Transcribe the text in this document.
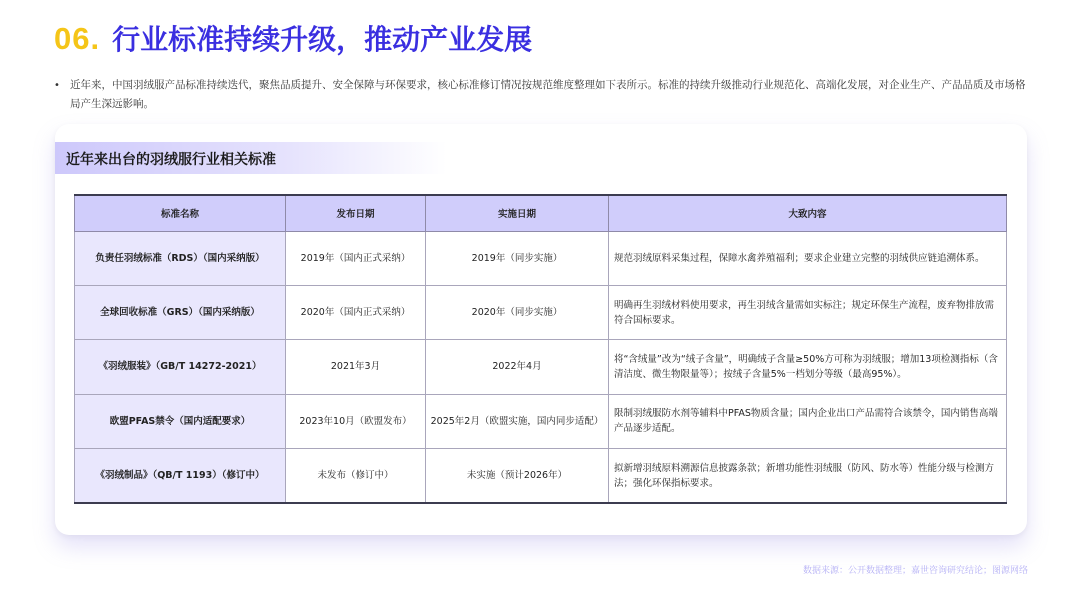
06. 行业标准持续升级，推动产业发展
• 近年来，中国羽绒服产品标准持续迭代，聚焦品质提升、安全保障与环保要求，核心标准修订情况按规范维度整理如下表所示。标准的持续升级推动行业规范化、高端化发展，对企业生产、产品品质及市场格局产生深远影响。
近年来出台的羽绒服行业相关标准
标准名称	发布日期	实施日期	大致内容
负责任羽绒标准（RDS）（国内采纳版）	2019年（国内正式采纳）	2019年（同步实施）	规范羽绒原料采集过程，保障水禽养殖福利；要求企业建立完整的羽绒供应链追溯体系。
全球回收标准（GRS）（国内采纳版）	2020年（国内正式采纳）	2020年（同步实施）	明确再生羽绒材料使用要求，再生羽绒含量需如实标注；规定环保生产流程，废弃物排放需符合国标要求。
《羽绒服装》（GB/T 14272-2021）	2021年3月	2022年4月	将“含绒量”改为“绒子含量”，明确绒子含量≥50%方可称为羽绒服；增加13项检测指标（含清洁度、微生物限量等）；按绒子含量5%一档划分等级（最高95%）。
欧盟PFAS禁令（国内适配要求）	2023年10月（欧盟发布）	2025年2月（欧盟实施，国内同步适配）	限制羽绒服防水剂等辅料中PFAS物质含量；国内企业出口产品需符合该禁令，国内销售高端产品逐步适配。
《羽绒制品》（QB/T 1193）（修订中）	未发布（修订中）	未实施（预计2026年）	拟新增羽绒原料溯源信息披露条款；新增功能性羽绒服（防风、防水等）性能分级与检测方法；强化环保指标要求。
数据来源：公开数据整理；嘉世咨询研究结论；图源网络
